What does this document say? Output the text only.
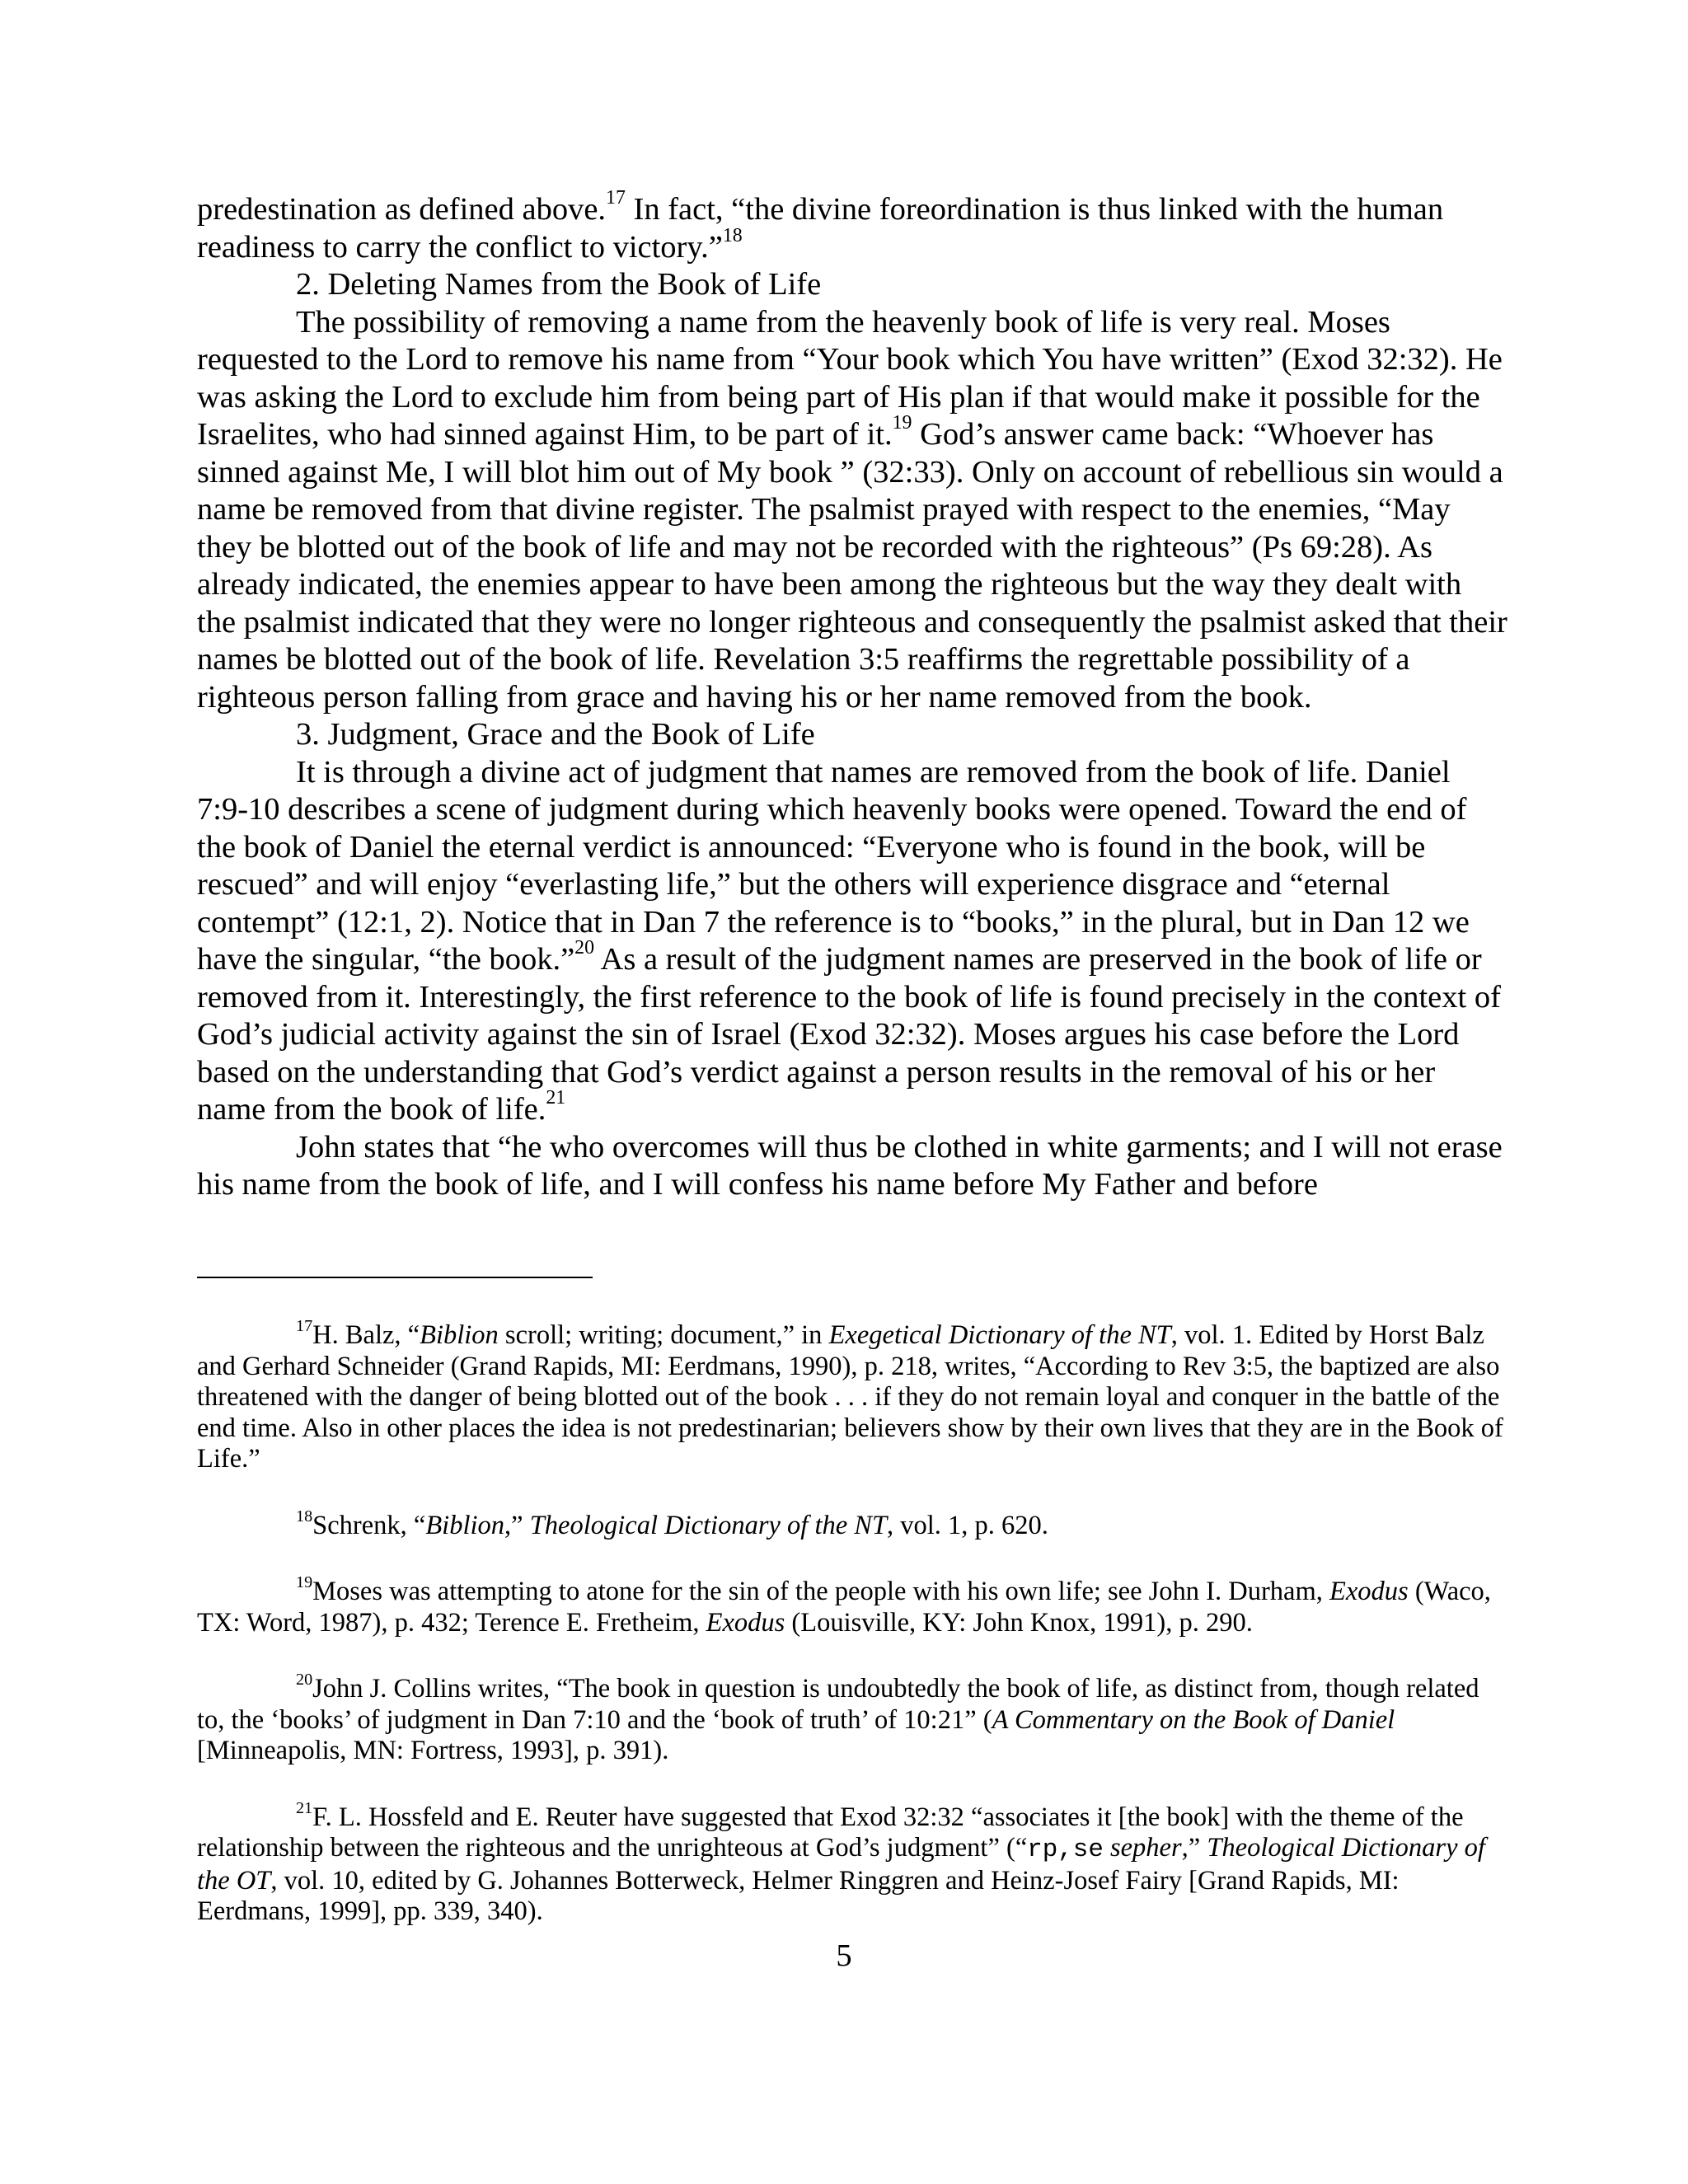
predestination as defined above.$^{17}$ In fact, “the divine foreordination is thus linked with the human readiness to carry the conflict to victory.”$^{18}$

2. Deleting Names from the Book of Life

The possibility of removing a name from the heavenly book of life is very real. Moses requested to the Lord to remove his name from “Your book which You have written” (Exod 32:32). He was asking the Lord to exclude him from being part of His plan if that would make it possible for the Israelites, who had sinned against Him, to be part of it.$^{19}$ God’s answer came back: “Whoever has sinned against Me, I will blot him out of My book ” (32:33). Only on account of rebellious sin would a name be removed from that divine register. The psalmist prayed with respect to the enemies, “May they be blotted out of the book of life and may not be recorded with the righteous” (Ps 69:28). As already indicated, the enemies appear to have been among the righteous but the way they dealt with the psalmist indicated that they were no longer righteous and consequently the psalmist asked that their names be blotted out of the book of life. Revelation 3:5 reaffirms the regrettable possibility of a righteous person falling from grace and having his or her name removed from the book.

3. Judgment, Grace and the Book of Life

It is through a divine act of judgment that names are removed from the book of life. Daniel 7:9-10 describes a scene of judgment during which heavenly books were opened. Toward the end of the book of Daniel the eternal verdict is announced: “Everyone who is found in the book, will be rescued” and will enjoy “everlasting life,” but the others will experience disgrace and “eternal contempt” (12:1, 2). Notice that in Dan 7 the reference is to “books,” in the plural, but in Dan 12 we have the singular, “the book.”$^{20}$ As a result of the judgment names are preserved in the book of life or removed from it. Interestingly, the first reference to the book of life is found precisely in the context of God’s judicial activity against the sin of Israel (Exod 32:32). Moses argues his case before the Lord based on the understanding that God’s verdict against a person results in the removal of his or her name from the book of life.$^{21}$

John states that “he who overcomes will thus be clothed in white garments; and I will not erase his name from the book of life, and I will confess his name before My Father and before

$^{17}$H. Balz, “Biblion scroll; writing; document,” in Exegetical Dictionary of the NT, vol. 1. Edited by Horst Balz and Gerhard Schneider (Grand Rapids, MI: Eerdmans, 1990), p. 218, writes, “According to Rev 3:5, the baptized are also threatened with the danger of being blotted out of the book . . . if they do not remain loyal and conquer in the battle of the end time. Also in other places the idea is not predestinarian; believers show by their own lives that they are in the Book of Life.”

$^{18}$Schrenk, “Biblion,” Theological Dictionary of the NT, vol. 1, p. 620.

$^{19}$Moses was attempting to atone for the sin of the people with his own life; see John I. Durham, Exodus (Waco, TX: Word, 1987), p. 432; Terence E. Fretheim, Exodus (Louisville, KY: John Knox, 1991), p. 290.

$^{20}$John J. Collins writes, “The book in question is undoubtedly the book of life, as distinct from, though related to, the ‘books’ of judgment in Dan 7:10 and the ‘book of truth’ of 10:21” (A Commentary on the Book of Daniel [Minneapolis, MN: Fortress, 1993], p. 391).

$^{21}$F. L. Hossfeld and E. Reuter have suggested that Exod 32:32 “associates it [the book] with the theme of the relationship between the righteous and the unrighteous at God’s judgment” (“rp,se sepher,” Theological Dictionary of the OT, vol. 10, edited by G. Johannes Botterweck, Helmer Ringgren and Heinz-Josef Fairy [Grand Rapids, MI: Eerdmans, 1999], pp. 339, 340).

5
